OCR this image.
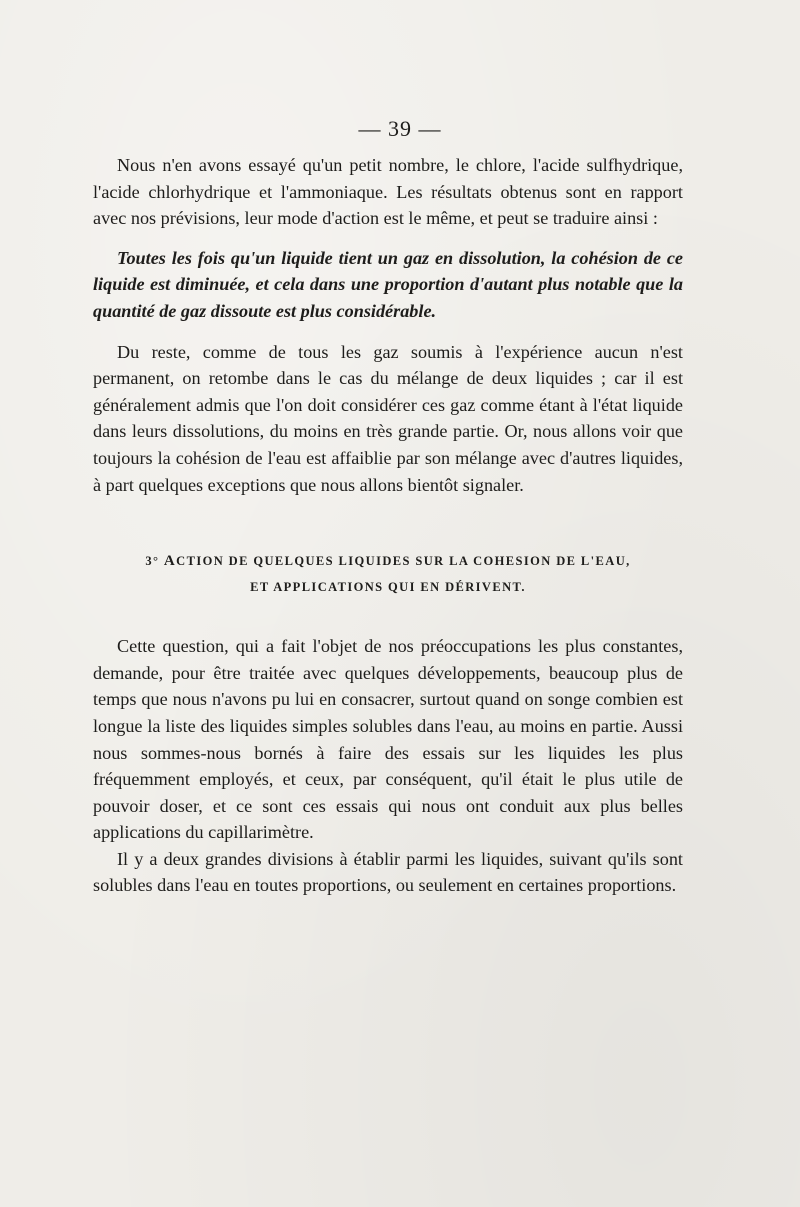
— 39 —

Nous n'en avons essayé qu'un petit nombre, le chlore, l'acide sulfhydrique, l'acide chlorhydrique et l'ammoniaque. Les résultats obtenus sont en rapport avec nos prévisions, leur mode d'action est le même, et peut se traduire ainsi :

Toutes les fois qu'un liquide tient un gaz en dissolution, la cohésion de ce liquide est diminuée, et cela dans une proportion d'autant plus notable que la quantité de gaz dissoute est plus considérable.

Du reste, comme de tous les gaz soumis à l'expérience aucun n'est permanent, on retombe dans le cas du mélange de deux liquides ; car il est généralement admis que l'on doit considérer ces gaz comme étant à l'état liquide dans leurs dissolutions, du moins en très grande partie. Or, nous allons voir que toujours la cohésion de l'eau est affaiblie par son mélange avec d'autres liquides, à part quelques exceptions que nous allons bientôt signaler.

3° ACTION DE QUELQUES LIQUIDES SUR LA COHESION DE L'EAU,
ET APPLICATIONS QUI EN DÉRIVENT.

Cette question, qui a fait l'objet de nos préoccupations les plus constantes, demande, pour être traitée avec quelques développements, beaucoup plus de temps que nous n'avons pu lui en consacrer, surtout quand on songe combien est longue la liste des liquides simples solubles dans l'eau, au moins en partie. Aussi nous sommes-nous bornés à faire des essais sur les liquides les plus fréquemment employés, et ceux, par conséquent, qu'il était le plus utile de pouvoir doser, et ce sont ces essais qui nous ont conduit aux plus belles applications du capillarimètre.

Il y a deux grandes divisions à établir parmi les liquides, suivant qu'ils sont solubles dans l'eau en toutes proportions, ou seulement en certaines proportions.
